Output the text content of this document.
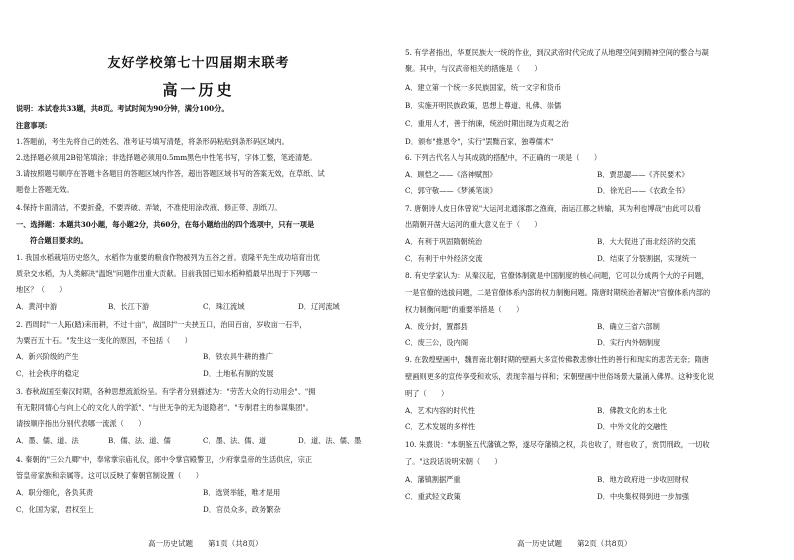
友好学校第七十四届期末联考
高一历史
说明：本试卷共33题，共8页。考试时间为90分钟，满分100分。
注意事项:
1.答题前，考生先将自己的姓名、准考证号填写清楚，将条形码粘贴到条形码区域内。
2.选择题必须用2B铅笔填涂；非选择题必须用0.5mm黑色中性笔书写，字体工整，笔迹清楚。
3.请按照题号顺序在答题卡各题目的答题区域内作答，超出答题区域书写的答案无效，在草纸、试
题卷上答题无效。
4.保持卡面清洁，不要折叠，不要弄破、弄皱，不准使用涂改液、修正带、刮纸刀。
一、选择题：本题共30小题，每小题2分，共60分，在每小题给出的四个选项中，只有一项是
符合题目要求的。
1. 我国水稻栽培历史悠久，水稻作为重要的粮食作物被列为五谷之首。袁隆平先生成功培育出优
质杂交水稻，为人类解决"温饱"问题作出重大贡献。目前我国已知水稻种植最早出现于下列哪一
地区？（　　）
A．黄河中游	B．长江下游	C．珠江流域	D．辽河流域
2. 西周时"一人跖(踏)耒而耕，不过十亩"，战国时"一夫挟五口，治田百亩，岁收亩一石半，
为粟百五十石。"发生这一变化的原因，不包括（　　）
A．新兴阶级的产生	B．铁农具牛耕的推广
C．社会秩序的稳定	D．土地私有制的发展
3. 春秋战国至秦汉时期，各种思想流派纷呈。有学者分别描述为："劳苦大众的行动用会"、"拥
有无限同情心与向上心的文化人的学派"、"与世无争的无为退隐者"、"专制君主的参谋集团"。
请按顺序指出分别代表哪一流派（　　）
A．墨、儒、道、法	B．儒、法、道、儒	C．墨、法、儒、道	D．道、法、儒、墨
4. 秦朝的"三公九卿"中，奉常掌宗庙礼仪，郎中令掌宫殿警卫，少府掌皇帝的生活供应，宗正
管皇帝家族和亲属等。这可以反映了秦朝官制设置（　　）
A．职分细化，各负其责	B．选贤举能，唯才是用
C．化国为家，君权至上	D．官员众多，政务繁杂
高一历史试题　　第1页（共8页）
5. 有学者指出，华夏民族大一统的作业，到汉武帝时代完成了从地理空间到精神空间的整合与凝
聚。其中，与汉武帝相关的措施是（　　）
A．建立第一个统一多民族国家，统一文字和货币
B．实施开明民族政策，思想上尊道、礼佛、崇儒
C．重用人才，善于纳谏，统治时期出现为贞观之治
D．颁布"推恩令"，实行"罢黜百家，独尊儒术"
6. 下列古代名人与其成就的搭配中，不正确的一项是（　　）
A．顾恺之——《洛神赋图》	B．贾思勰——《齐民要术》
C．郭守敬——《梦溪笔谈》	D．徐光启——《农政全书》
7. 唐朝诗人皮日休曾说"大运河北通涿郡之渔商，南运江都之转输，其为利也博哉"由此可以看
出隋朝开凿大运河的重大意义在于（　　）
A．有利于巩固隋朝统治	B．大大促进了南北经济的交流
C．有利于中外经济交流	D．结束了分裂割据，实现统一
8. 有史学家认为：从秦汉起，官僚体制就是中国制度的核心问题，它可以分成两个大的子问题，
一是官僚的选拔问题，二是官僚体系内部的权力制衡问题。隋唐时期统治者解决"官僚体系内部的
权力制衡问题"的重要举措是（　　）
A．废分封，置郡县	B．确立三省六部制
C．废三公，设内阁	D．实行内外朝制度
9. 在敦煌壁画中，魏晋南北朝时期的壁画大多宣传佛教悲惨壮性的善行和现实的悲苦无奈；隋唐
壁画则更多的宣传享受和欢乐，表现幸福与祥和；宋朝壁画中世俗场景大量涌入佛界。这种变化说
明了（　　）
A．艺术内容的时代性	B．佛教文化的本土化
C．艺术发展的多样性	D．中外文化的交融性
10. 朱熹说："本朝鉴五代藩镇之弊，遂尽夺藩镇之权，兵也收了，财也收了，赏罚刑政，一切收
了。"这段话说明宋朝（　　）
A．藩镇割据严重	B．地方政府进一步收回财权
C．重武轻文政策	D．中央集权得到进一步加强
高一历史试题　　第2页（共8页）
